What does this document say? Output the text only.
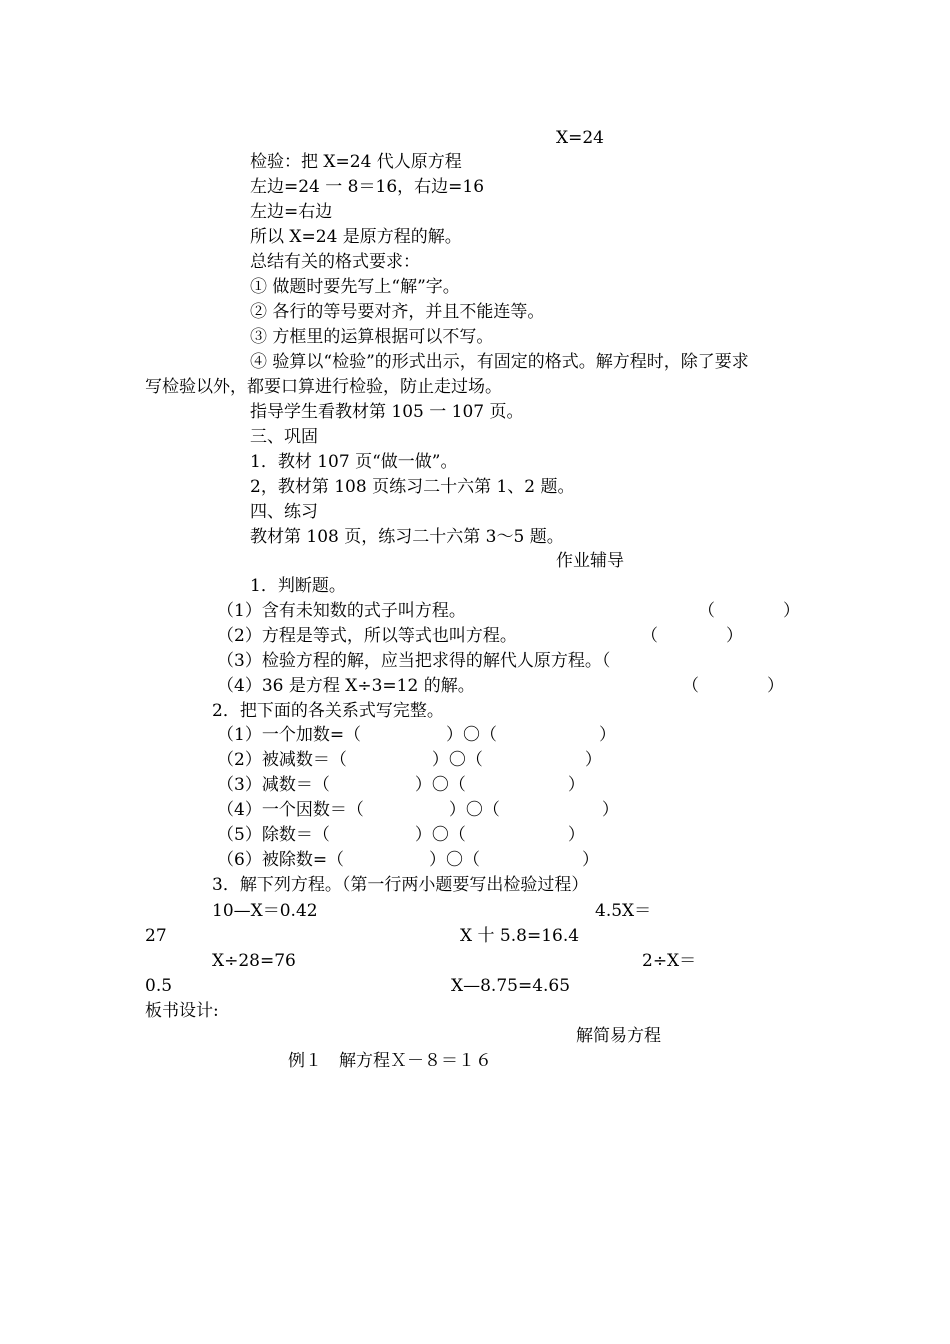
X=24
检验：把 X=24 代人原方程
左边=24 一 8＝16，右边=16
左边=右边
所以 X=24 是原方程的解。
总结有关的格式要求：
① 做题时要先写上“解”字。
② 各行的等号要对齐，并且不能连等。
③ 方框里的运算根据可以不写。
④ 验算以“检验”的形式出示，有固定的格式。解方程时，除了要求
写检验以外，都要口算进行检验，防止走过场。
指导学生看教材第 105 一 107 页。
三、巩固
1．教材 107 页“做一做”。
2，教材第 108 页练习二十六第 1、2 题。
四、练习
教材第 108 页，练习二十六第 3～5 题。
作业辅导
1．判断题。
（1）含有未知数的式子叫方程。	（　　　　）
（2）方程是等式，所以等式也叫方程。	（　　　　）
（3）检验方程的解，应当把求得的解代人原方程。（
（4）36 是方程 X÷3=12 的解。	（　　　　）
2．把下面的各关系式写完整。
（1）一个加数=（　　　　　）〇（　　　　　　）
（2）被减数＝（　　　　　）〇（　　　　　　）
（3）减数＝（　　　　　）〇（　　　　　　）
（4）一个因数＝（　　　　　）〇（　　　　　　）
（5）除数＝（　　　　　）〇（　　　　　　）
（6）被除数=（　　　　　）〇（　　　　　　）
3．解下列方程。（第一行两小题要写出检验过程）
10—X＝0.42	4.5X＝
27	X 十 5.8=16.4
X÷28=76	2÷X＝
0.5	X—8.75=4.65
板书设计:
解简易方程
例１　解方程Ｘ－８＝１６
